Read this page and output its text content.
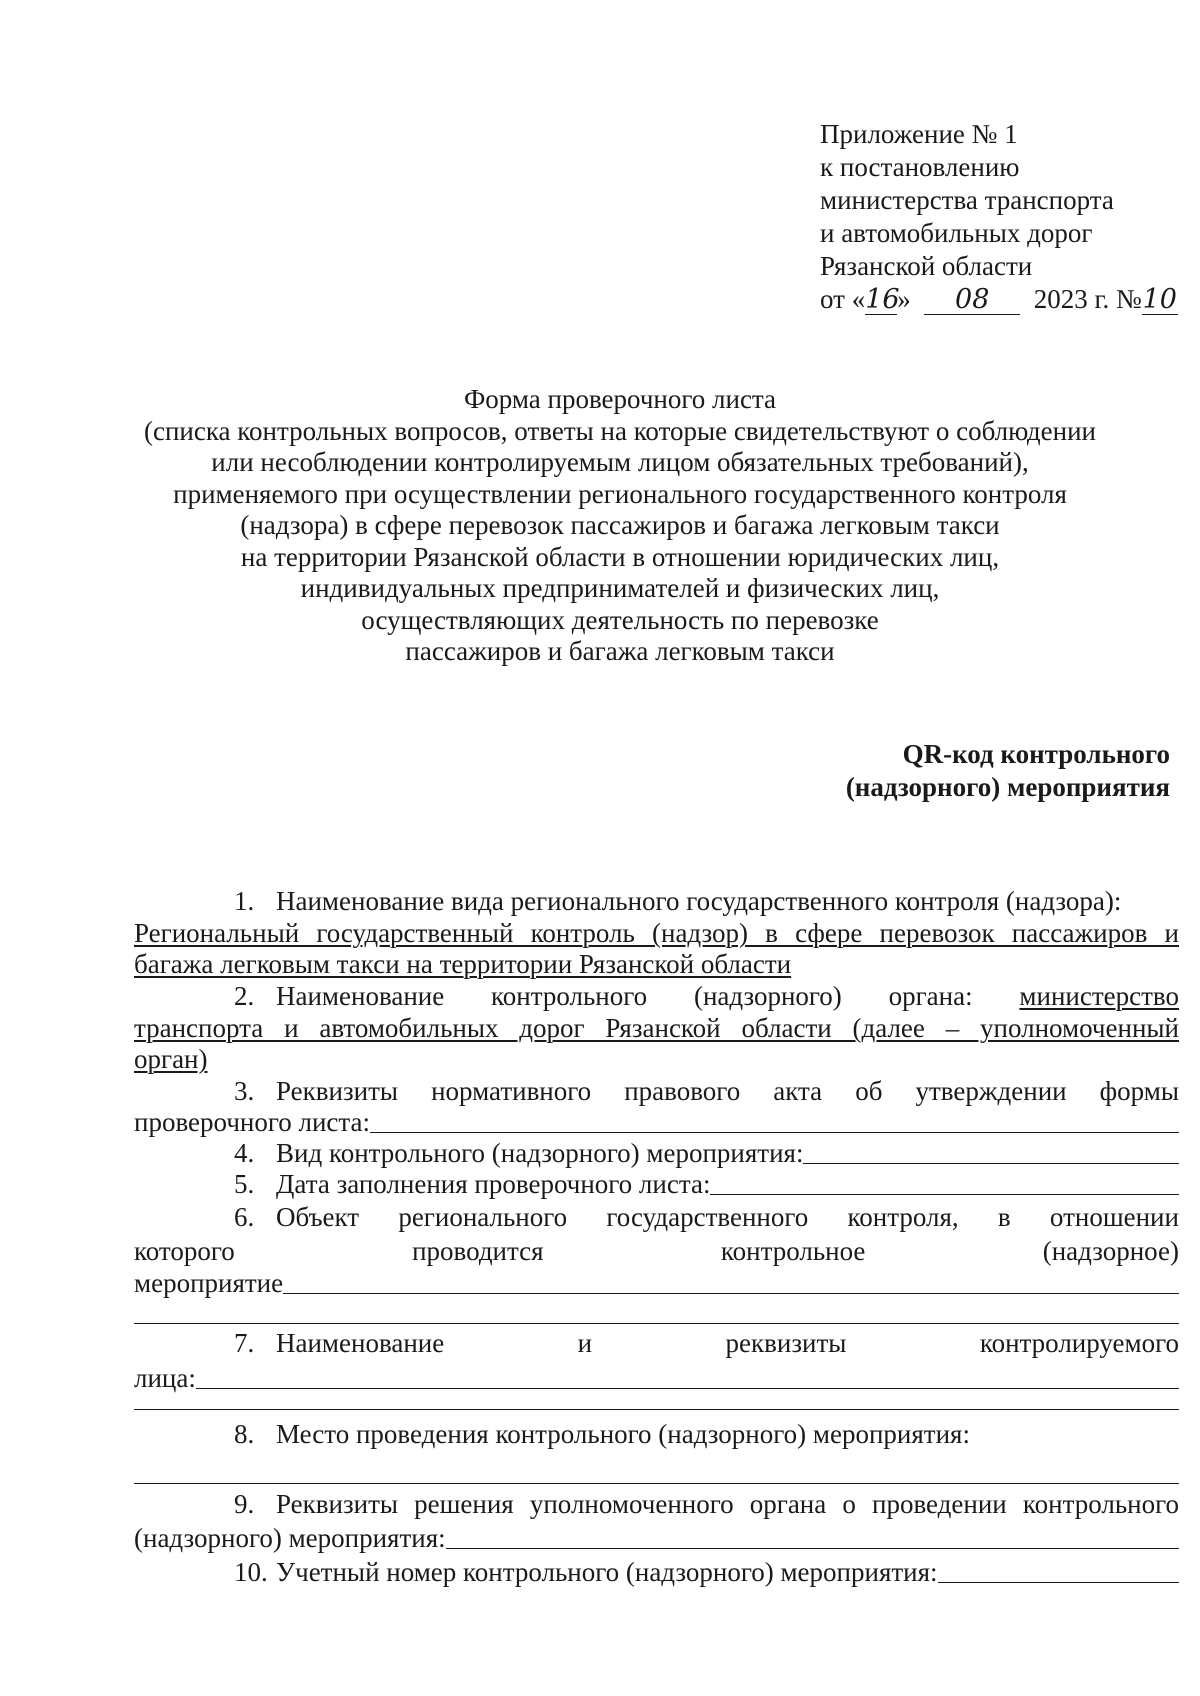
Приложение № 1
к постановлению
министерства транспорта
и автомобильных дорог
Рязанской области
от «16» 08 2023 г. №10
Форма проверочного листа
(списка контрольных вопросов, ответы на которые свидетельствуют о соблюдении
или несоблюдении контролируемым лицом обязательных требований),
применяемого при осуществлении регионального государственного контроля
(надзора) в сфере перевозок пассажиров и багажа легковым такси
на территории Рязанской области в отношении юридических лиц,
индивидуальных предпринимателей и физических лиц,
осуществляющих деятельность по перевозке
пассажиров и багажа легковым такси
QR-код контрольного
(надзорного) мероприятия
1. Наименование вида регионального государственного контроля (надзора):
Региональный государственный контроль (надзор) в сфере перевозок пассажиров и
багажа легковым такси на территории Рязанской области
2. Наименование контрольного (надзорного) органа: министерство
транспорта и автомобильных дорог Рязанской области (далее – уполномоченный
орган)
3. Реквизиты нормативного правового акта об утверждении формы
проверочного листа:
4. Вид контрольного (надзорного) мероприятия:
5. Дата заполнения проверочного листа:
6. Объект регионального государственного контроля, в отношении
которого	проводится	контрольное	(надзорное)
мероприятие
7. Наименование	и	реквизиты	контролируемого
лица:
8. Место проведения контрольного (надзорного) мероприятия:
9. Реквизиты решения уполномоченного органа о проведении контрольного
(надзорного) мероприятия:
10. Учетный номер контрольного (надзорного) мероприятия:
